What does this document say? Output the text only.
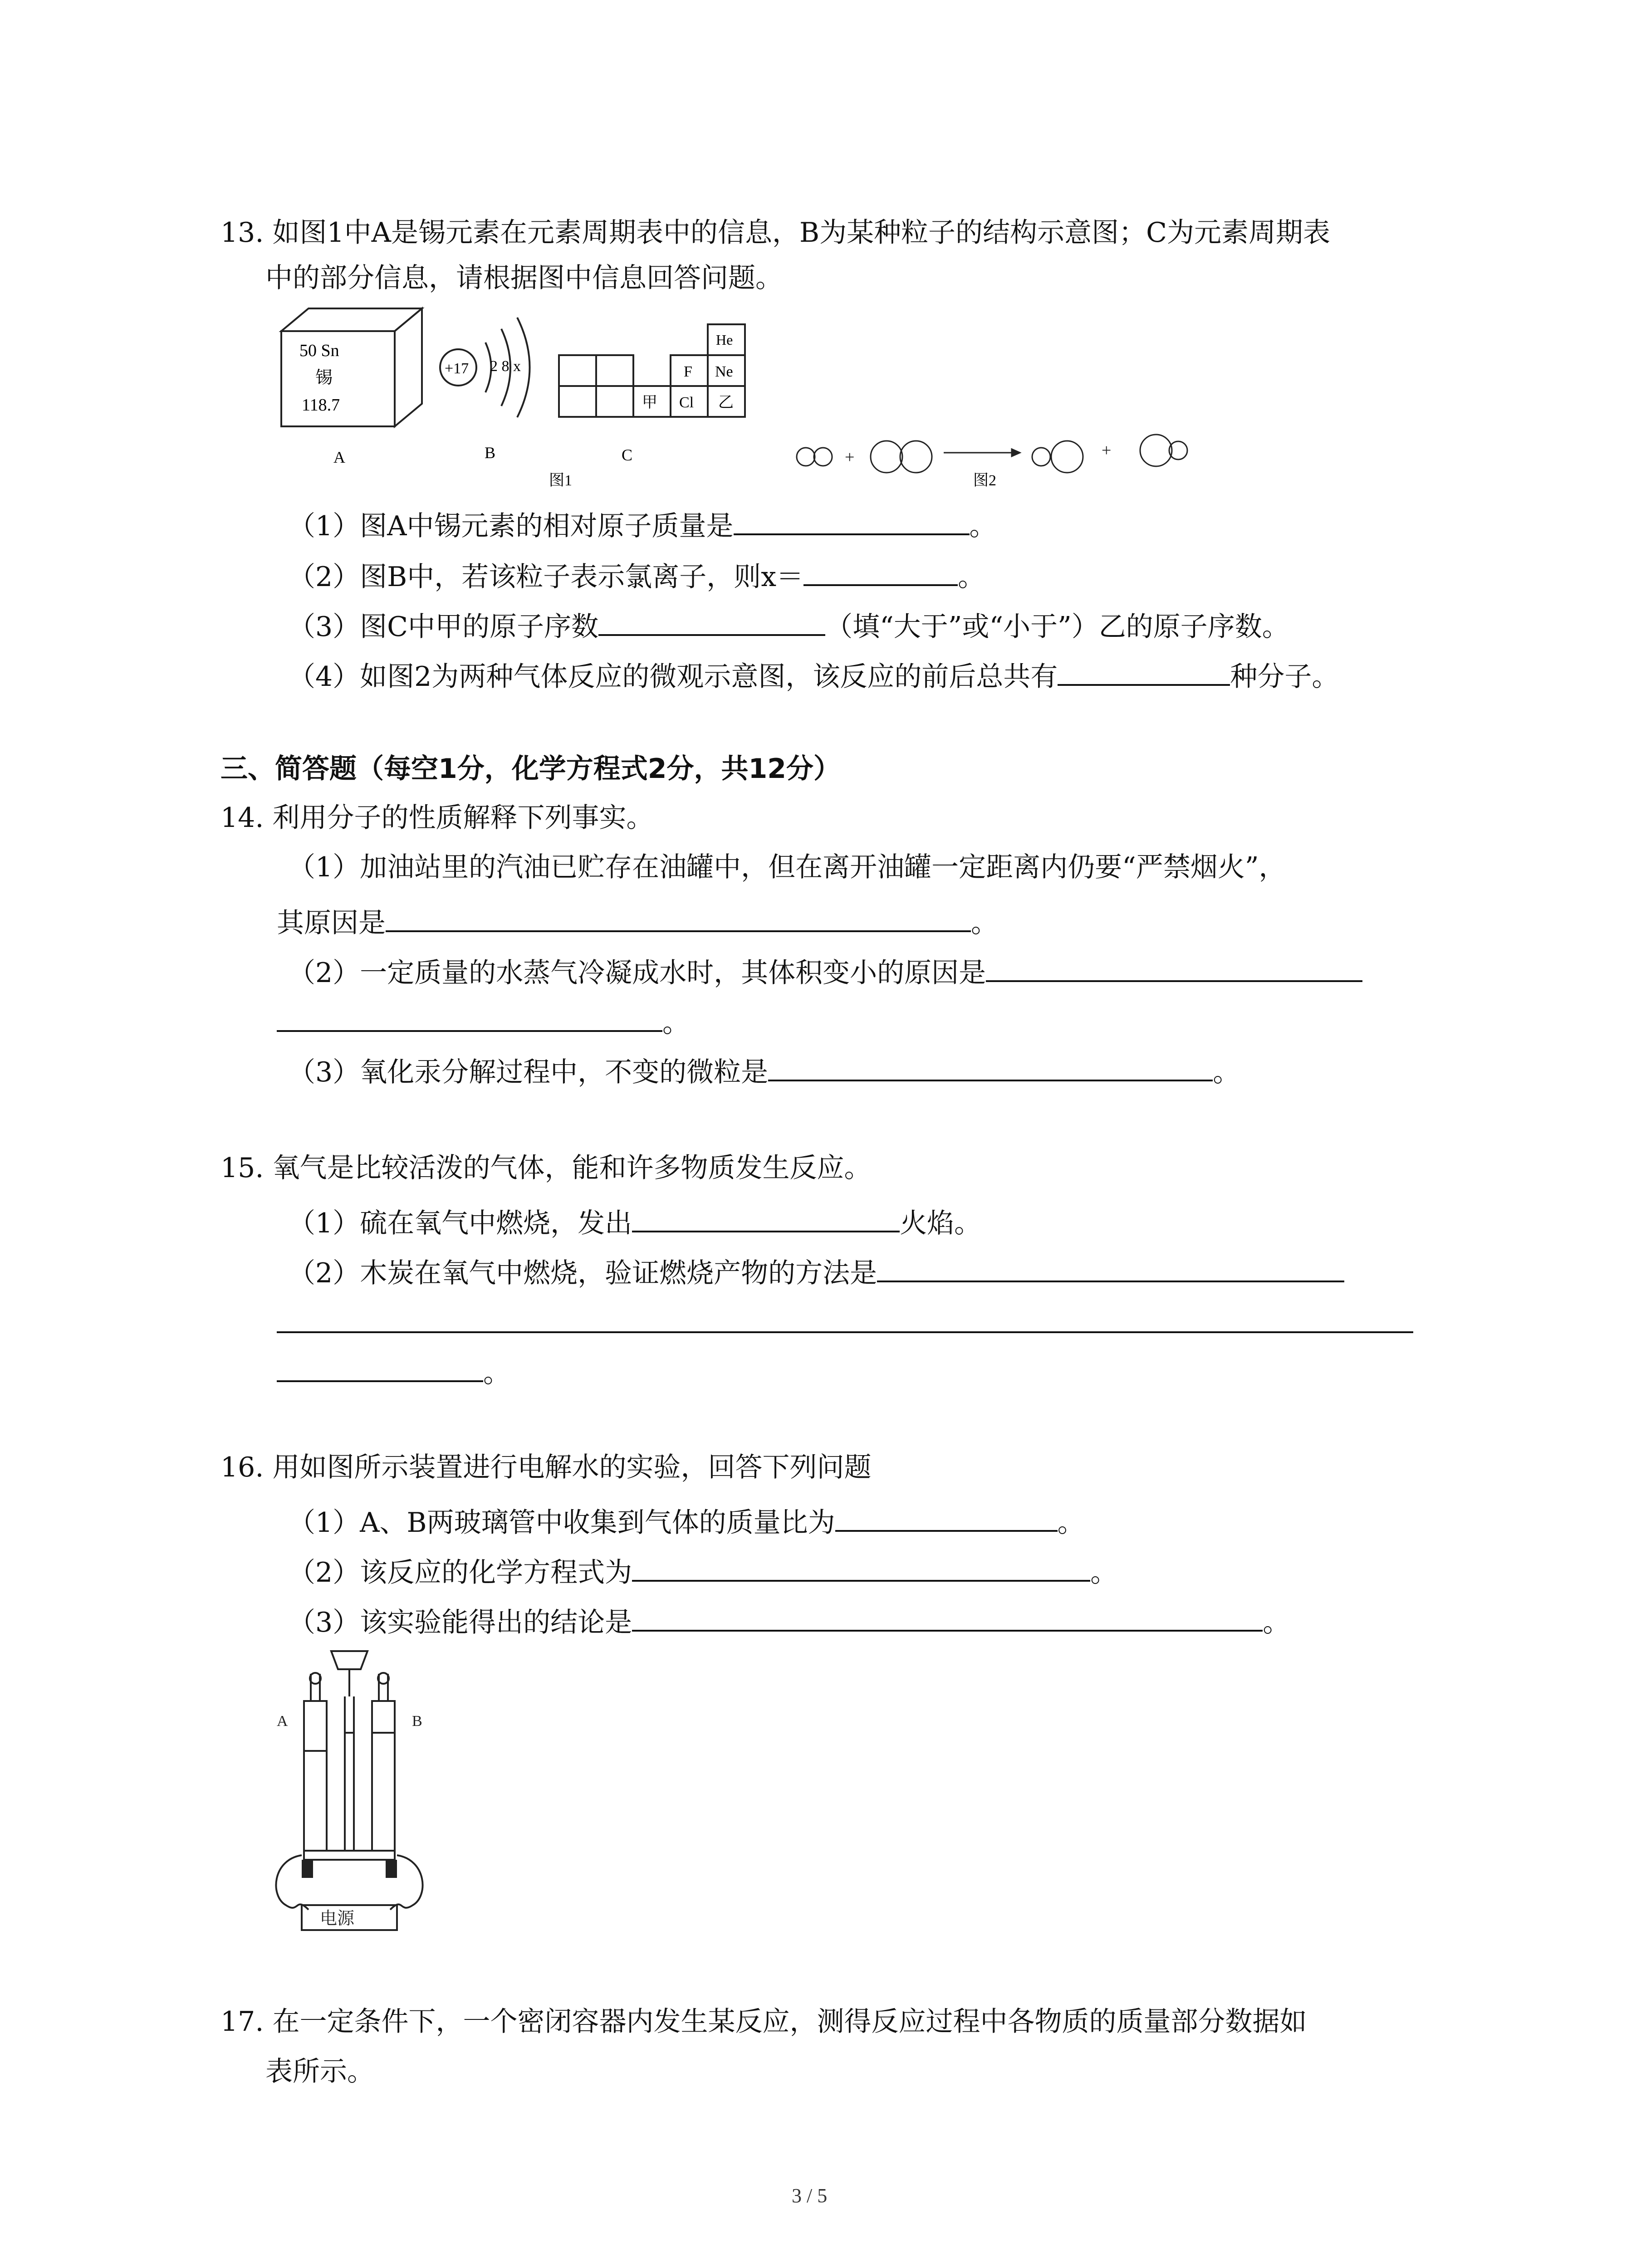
13. 如图1中A是锡元素在元素周期表中的信息，B为某种粒子的结构示意图；C为元素周期表
中的部分信息，请根据图中信息回答问题。
50 Sn
锡
118.7
A
+17 2 8 x
B
He
F Ne
甲 Cl 乙
C
图1
+	+
图2
（1）图A中锡元素的相对原子质量是	。
（2）图B中，若该粒子表示氯离子，则x＝	。
（3）图C中甲的原子序数	（填“大于”或“小于”）乙的原子序数。
（4）如图2为两种气体反应的微观示意图，该反应的前后总共有	种分子。
三、简答题（每空1分，化学方程式2分，共12分）
14. 利用分子的性质解释下列事实。
（1）加油站里的汽油已贮存在油罐中，但在离开油罐一定距离内仍要“严禁烟火”，
其原因是	。
（2）一定质量的水蒸气冷凝成水时，其体积变小的原因是
。
（3）氧化汞分解过程中，不变的微粒是	。
15. 氧气是比较活泼的气体，能和许多物质发生反应。
（1）硫在氧气中燃烧，发出	火焰。
（2）木炭在氧气中燃烧，验证燃烧产物的方法是
。
16. 用如图所示装置进行电解水的实验，回答下列问题
（1）A、B两玻璃管中收集到气体的质量比为	。
（2）该反应的化学方程式为	。
（3）该实验能得出的结论是	。
A	B
电源
17. 在一定条件下，一个密闭容器内发生某反应，测得反应过程中各物质的质量部分数据如
表所示。
3 / 5
